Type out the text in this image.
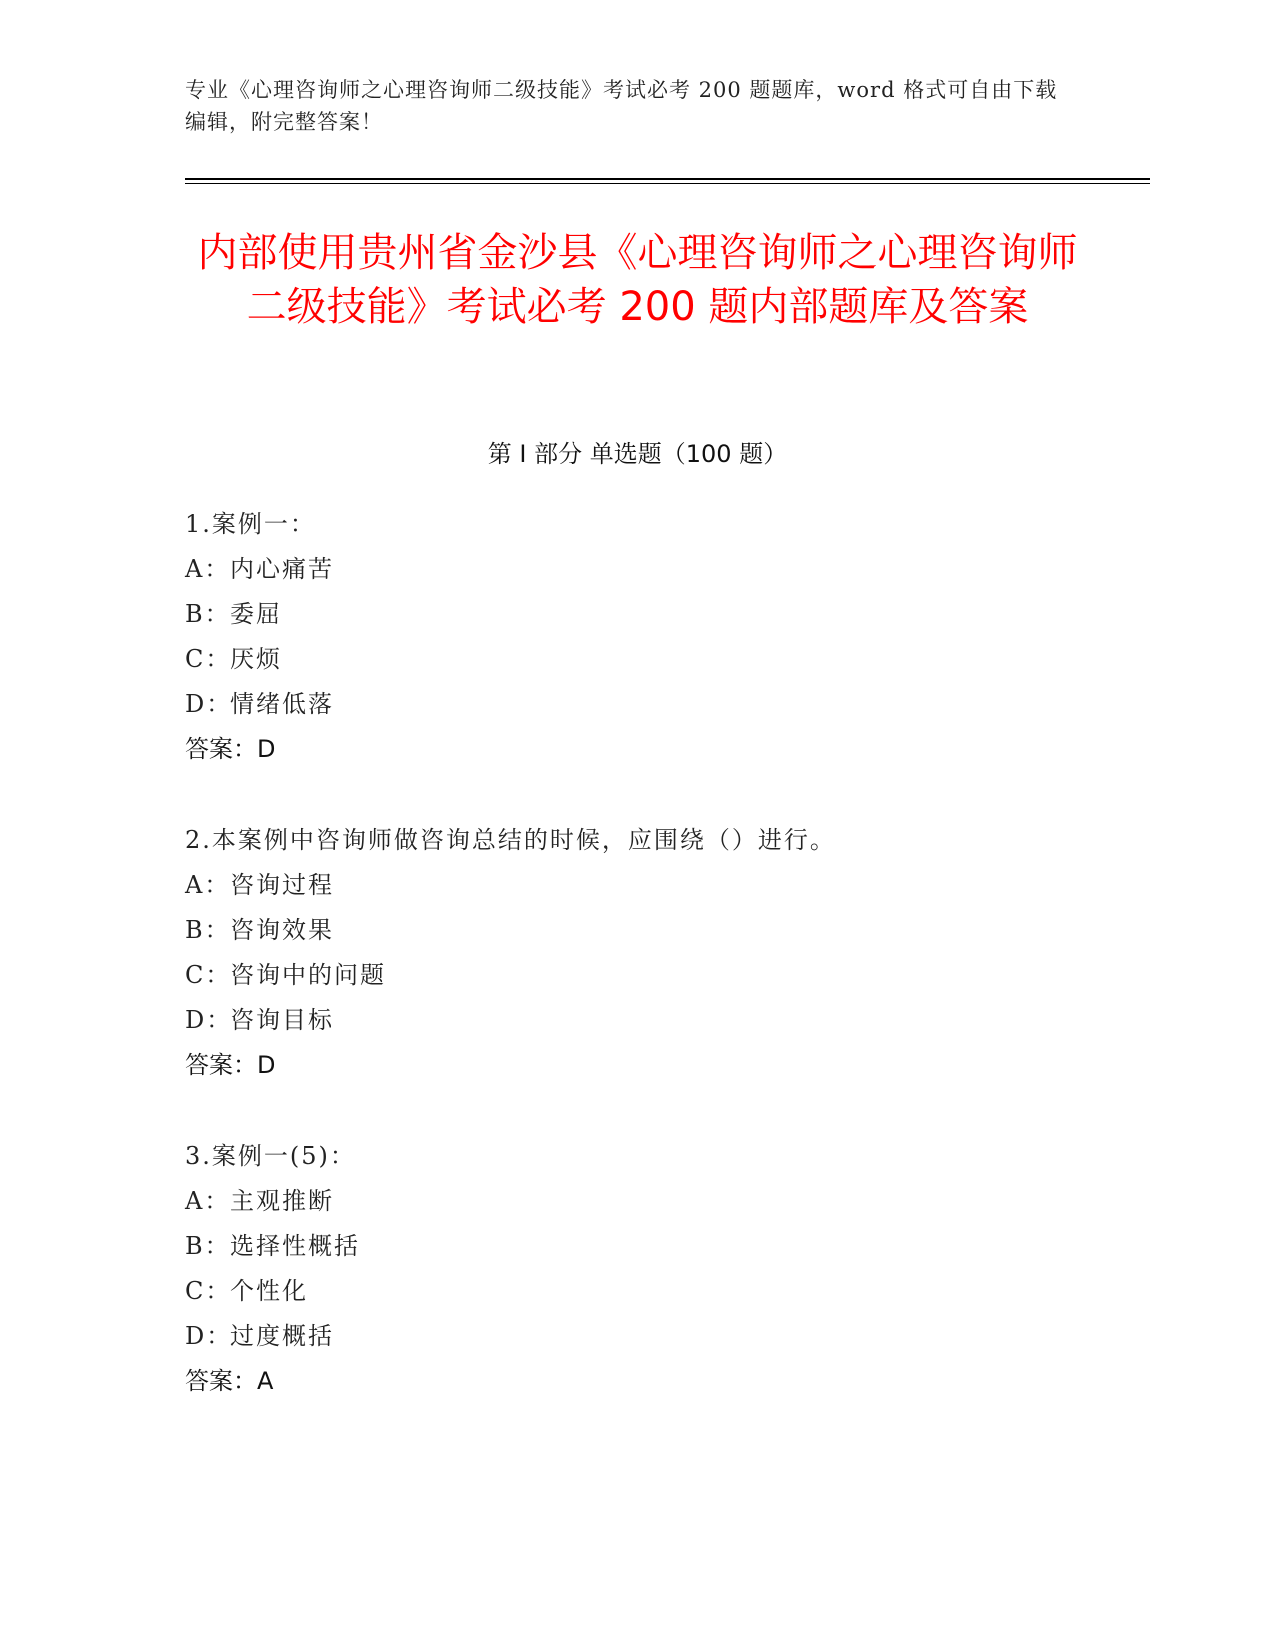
专业《心理咨询师之心理咨询师二级技能》考试必考 200 题题库，word 格式可自由下载编辑，附完整答案！
内部使用贵州省金沙县《心理咨询师之心理咨询师二级技能》考试必考 200 题内部题库及答案
第 I 部分 单选题（100 题）
1.案例一：
A：内心痛苦
B：委屈
C：厌烦
D：情绪低落
答案：D
2.本案例中咨询师做咨询总结的时候，应围绕（）进行。
A：咨询过程
B：咨询效果
C：咨询中的问题
D：咨询目标
答案：D
3.案例一(5)：
A：主观推断
B：选择性概括
C：个性化
D：过度概括
答案：A
